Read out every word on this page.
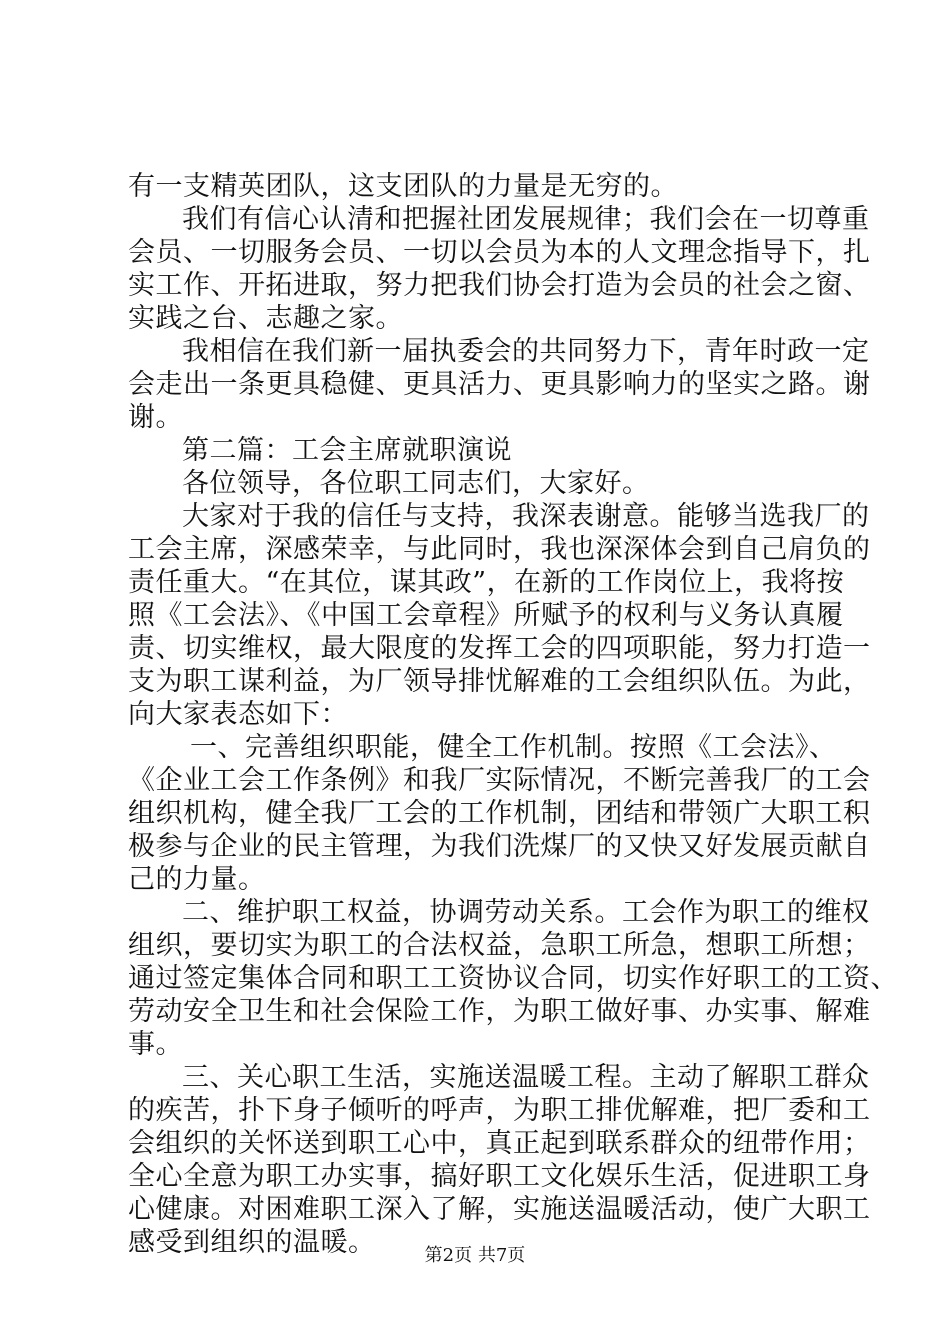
有一支精英团队，这支团队的力量是无穷的。
我们有信心认清和把握社团发展规律；我们会在一切尊重
会员、一切服务会员、一切以会员为本的人文理念指导下，扎
实工作、开拓进取，努力把我们协会打造为会员的社会之窗、
实践之台、志趣之家。
我相信在我们新一届执委会的共同努力下，青年时政一定
会走出一条更具稳健、更具活力、更具影响力的坚实之路。谢
谢。
第二篇：工会主席就职演说
各位领导，各位职工同志们，大家好。
大家对于我的信任与支持，我深表谢意。能够当选我厂的
工会主席，深感荣幸，与此同时，我也深深体会到自己肩负的
责任重大。“在其位，谋其政”，在新的工作岗位上，我将按
照《工会法》、《中国工会章程》所赋予的权利与义务认真履
责、切实维权，最大限度的发挥工会的四项职能，努力打造一
支为职工谋利益，为厂领导排忧解难的工会组织队伍。为此，
向大家表态如下：
一、完善组织职能，健全工作机制。按照《工会法》、
《企业工会工作条例》和我厂实际情况，不断完善我厂的工会
组织机构，健全我厂工会的工作机制，团结和带领广大职工积
极参与企业的民主管理，为我们洗煤厂的又快又好发展贡献自
己的力量。
二、维护职工权益，协调劳动关系。工会作为职工的维权
组织，要切实为职工的合法权益，急职工所急，想职工所想；
通过签定集体合同和职工工资协议合同，切实作好职工的工资、
劳动安全卫生和社会保险工作，为职工做好事、办实事、解难
事。
三、关心职工生活，实施送温暖工程。主动了解职工群众
的疾苦，扑下身子倾听的呼声，为职工排优解难，把厂委和工
会组织的关怀送到职工心中，真正起到联系群众的纽带作用；
全心全意为职工办实事，搞好职工文化娱乐生活，促进职工身
心健康。对困难职工深入了解，实施送温暖活动，使广大职工
感受到组织的温暖。	第2页 共7页
